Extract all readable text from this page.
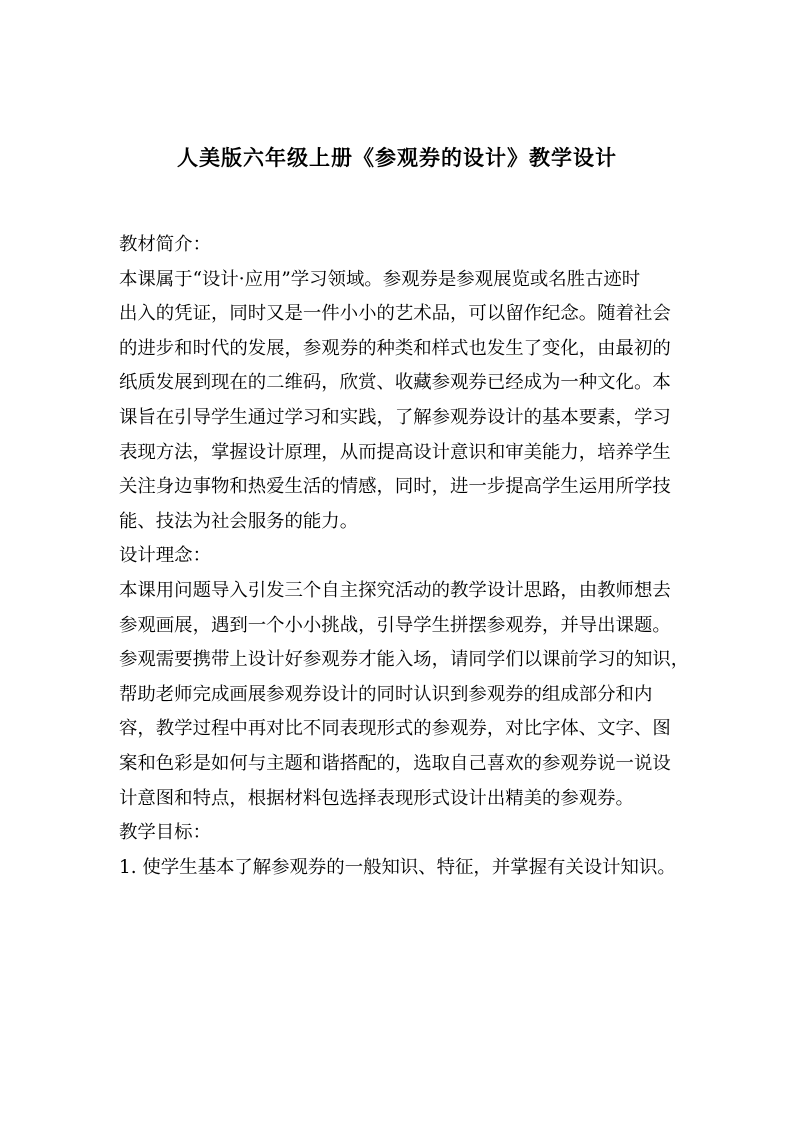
人美版六年级上册《参观券的设计》教学设计
教材简介：
本课属于“设计·应用”学习领域。参观券是参观展览或名胜古迹时
出入的凭证，同时又是一件小小的艺术品，可以留作纪念。随着社会
的进步和时代的发展，参观券的种类和样式也发生了变化，由最初的
纸质发展到现在的二维码，欣赏、收藏参观券已经成为一种文化。本
课旨在引导学生通过学习和实践，了解参观券设计的基本要素，学习
表现方法，掌握设计原理，从而提高设计意识和审美能力，培养学生
关注身边事物和热爱生活的情感，同时，进一步提高学生运用所学技
能、技法为社会服务的能力。
设计理念：
本课用问题导入引发三个自主探究活动的教学设计思路，由教师想去
参观画展，遇到一个小小挑战，引导学生拼摆参观券，并导出课题。
参观需要携带上设计好参观券才能入场，请同学们以课前学习的知识，
帮助老师完成画展参观券设计的同时认识到参观券的组成部分和内
容，教学过程中再对比不同表现形式的参观券，对比字体、文字、图
案和色彩是如何与主题和谐搭配的，选取自己喜欢的参观券说一说设
计意图和特点，根据材料包选择表现形式设计出精美的参观券。
教学目标：
1. 使学生基本了解参观券的一般知识、特征，并掌握有关设计知识。
